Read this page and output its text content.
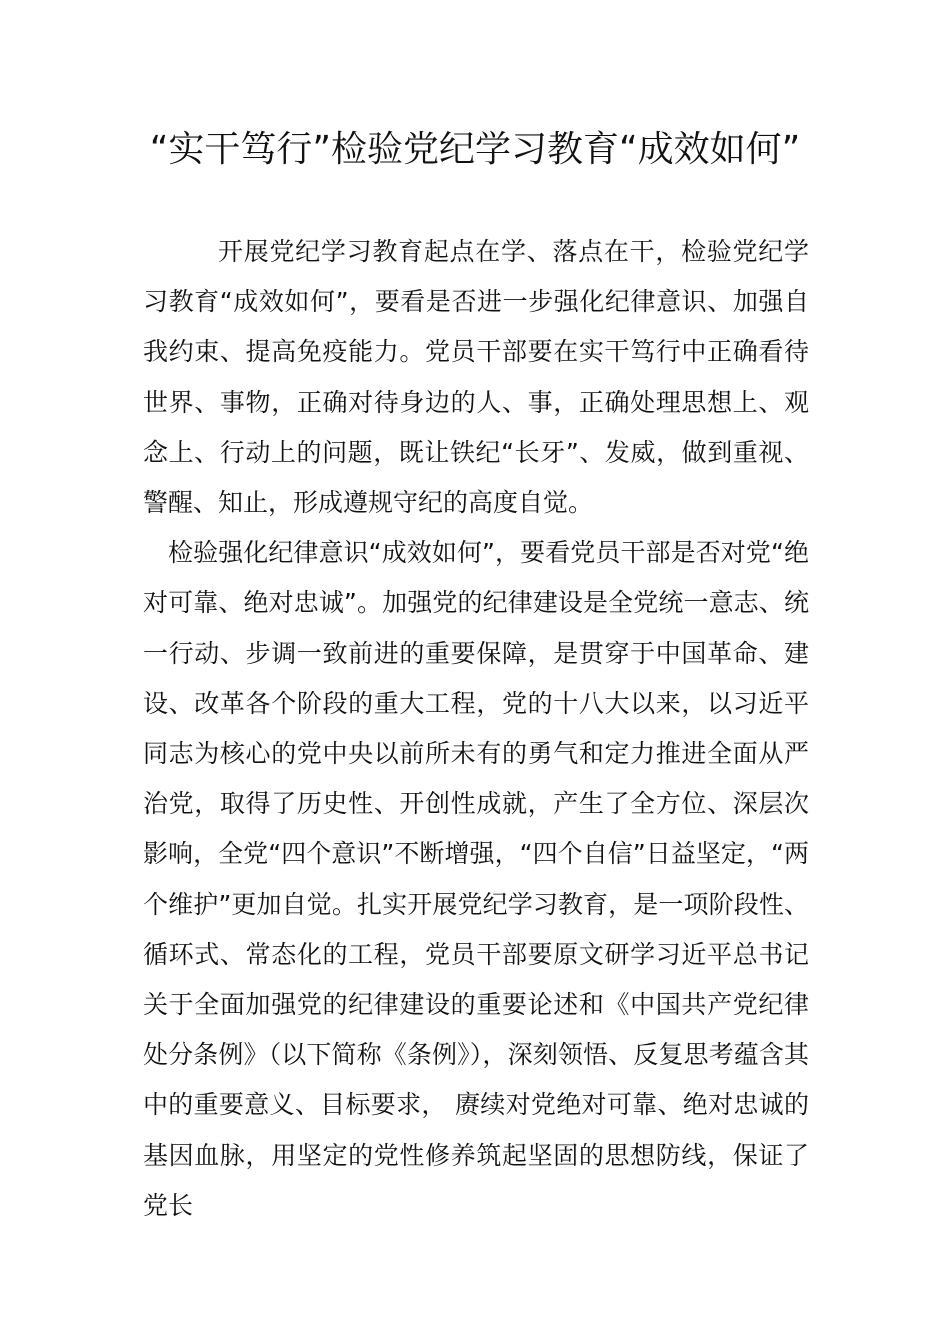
“实干笃行”检验党纪学习教育“成效如何”

开展党纪学习教育起点在学、落点在干，检验党纪学习教育“成效如何”，要看是否进一步强化纪律意识、加强自我约束、提高免疫能力。党员干部要在实干笃行中正确看待世界、事物，正确对待身边的人、事，正确处理思想上、观念上、行动上的问题，既让铁纪“长牙”、发威，做到重视、警醒、知止，形成遵规守纪的高度自觉。

检验强化纪律意识“成效如何”，要看党员干部是否对党“绝对可靠、绝对忠诚”。加强党的纪律建设是全党统一意志、统一行动、步调一致前进的重要保障，是贯穿于中国革命、建设、改革各个阶段的重大工程，党的十八大以来，以习近平同志为核心的党中央以前所未有的勇气和定力推进全面从严治党，取得了历史性、开创性成就，产生了全方位、深层次影响，全党“四个意识”不断增强，“四个自信”日益坚定，“两个维护”更加自觉。扎实开展党纪学习教育，是一项阶段性、循环式、常态化的工程，党员干部要原文研学习近平总书记关于全面加强党的纪律建设的重要论述和《中国共产党纪律处分条例》（以下简称《条例》），深刻领悟、反复思考蕴含其中的重要意义、目标要求， 赓续对党绝对可靠、绝对忠诚的基因血脉，用坚定的党性修养筑起坚固的思想防线，保证了党长
